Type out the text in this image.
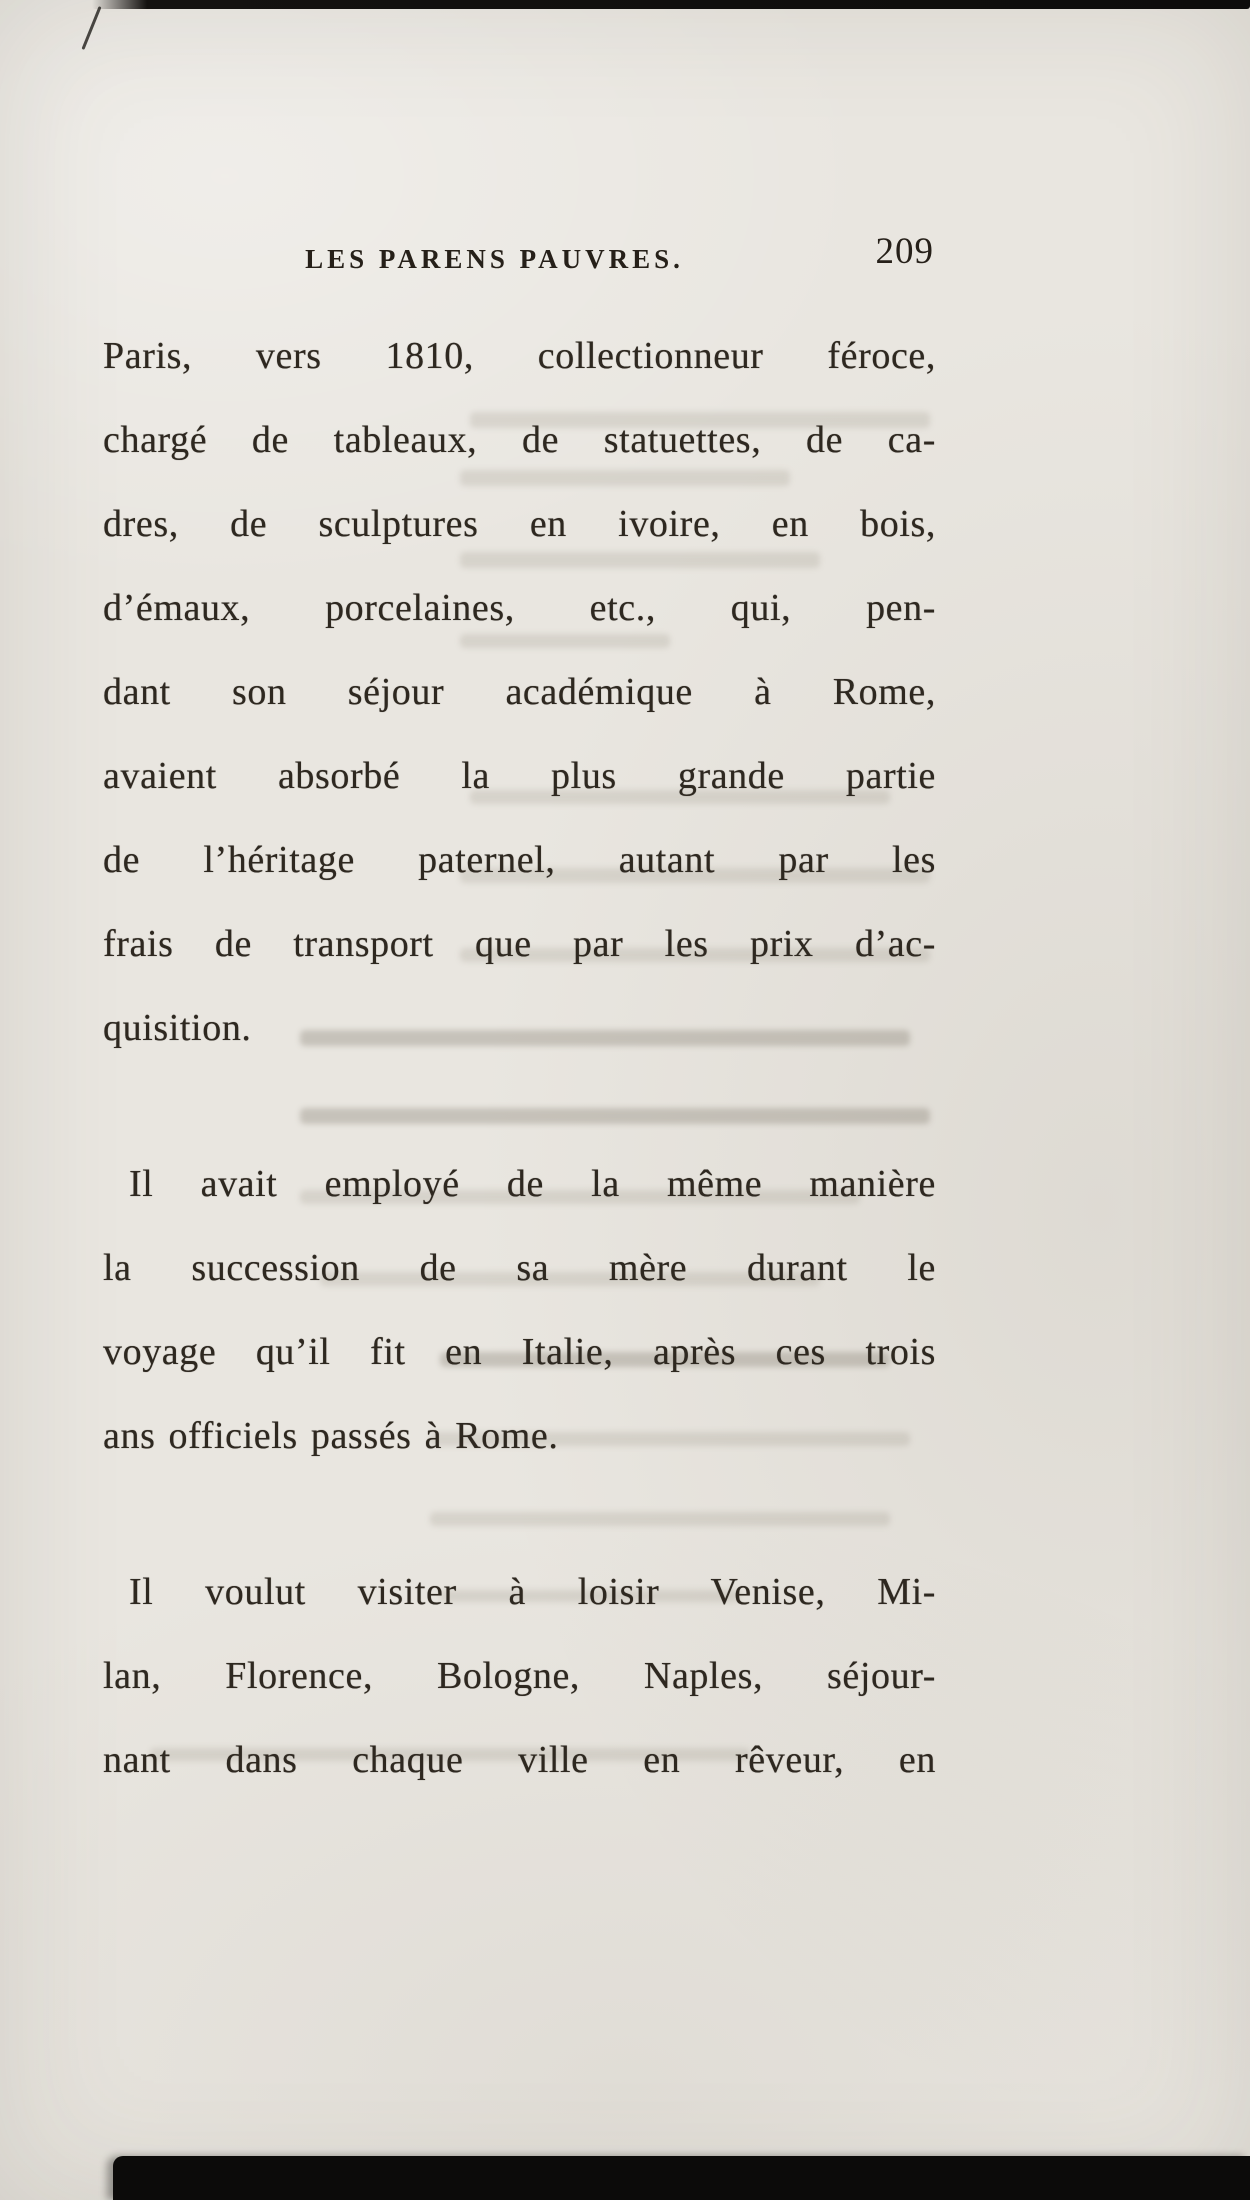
LES PARENS PAUVRES.	209
Paris, vers 1810, collectionneur féroce,
chargé de tableaux, de statuettes, de ca-
dres, de sculptures en ivoire, en bois,
d’émaux, porcelaines, etc., qui, pen-
dant son séjour académique à Rome,
avaient absorbé la plus grande partie
de l’héritage paternel, autant par les
frais de transport que par les prix d’ac-
quisition.
Il avait employé de la même manière
la succession de sa mère durant le
voyage qu’il fit en Italie, après ces trois
ans officiels passés à Rome.
Il voulut visiter à loisir Venise, Mi-
lan, Florence, Bologne, Naples, séjour-
nant dans chaque ville en rêveur, en
